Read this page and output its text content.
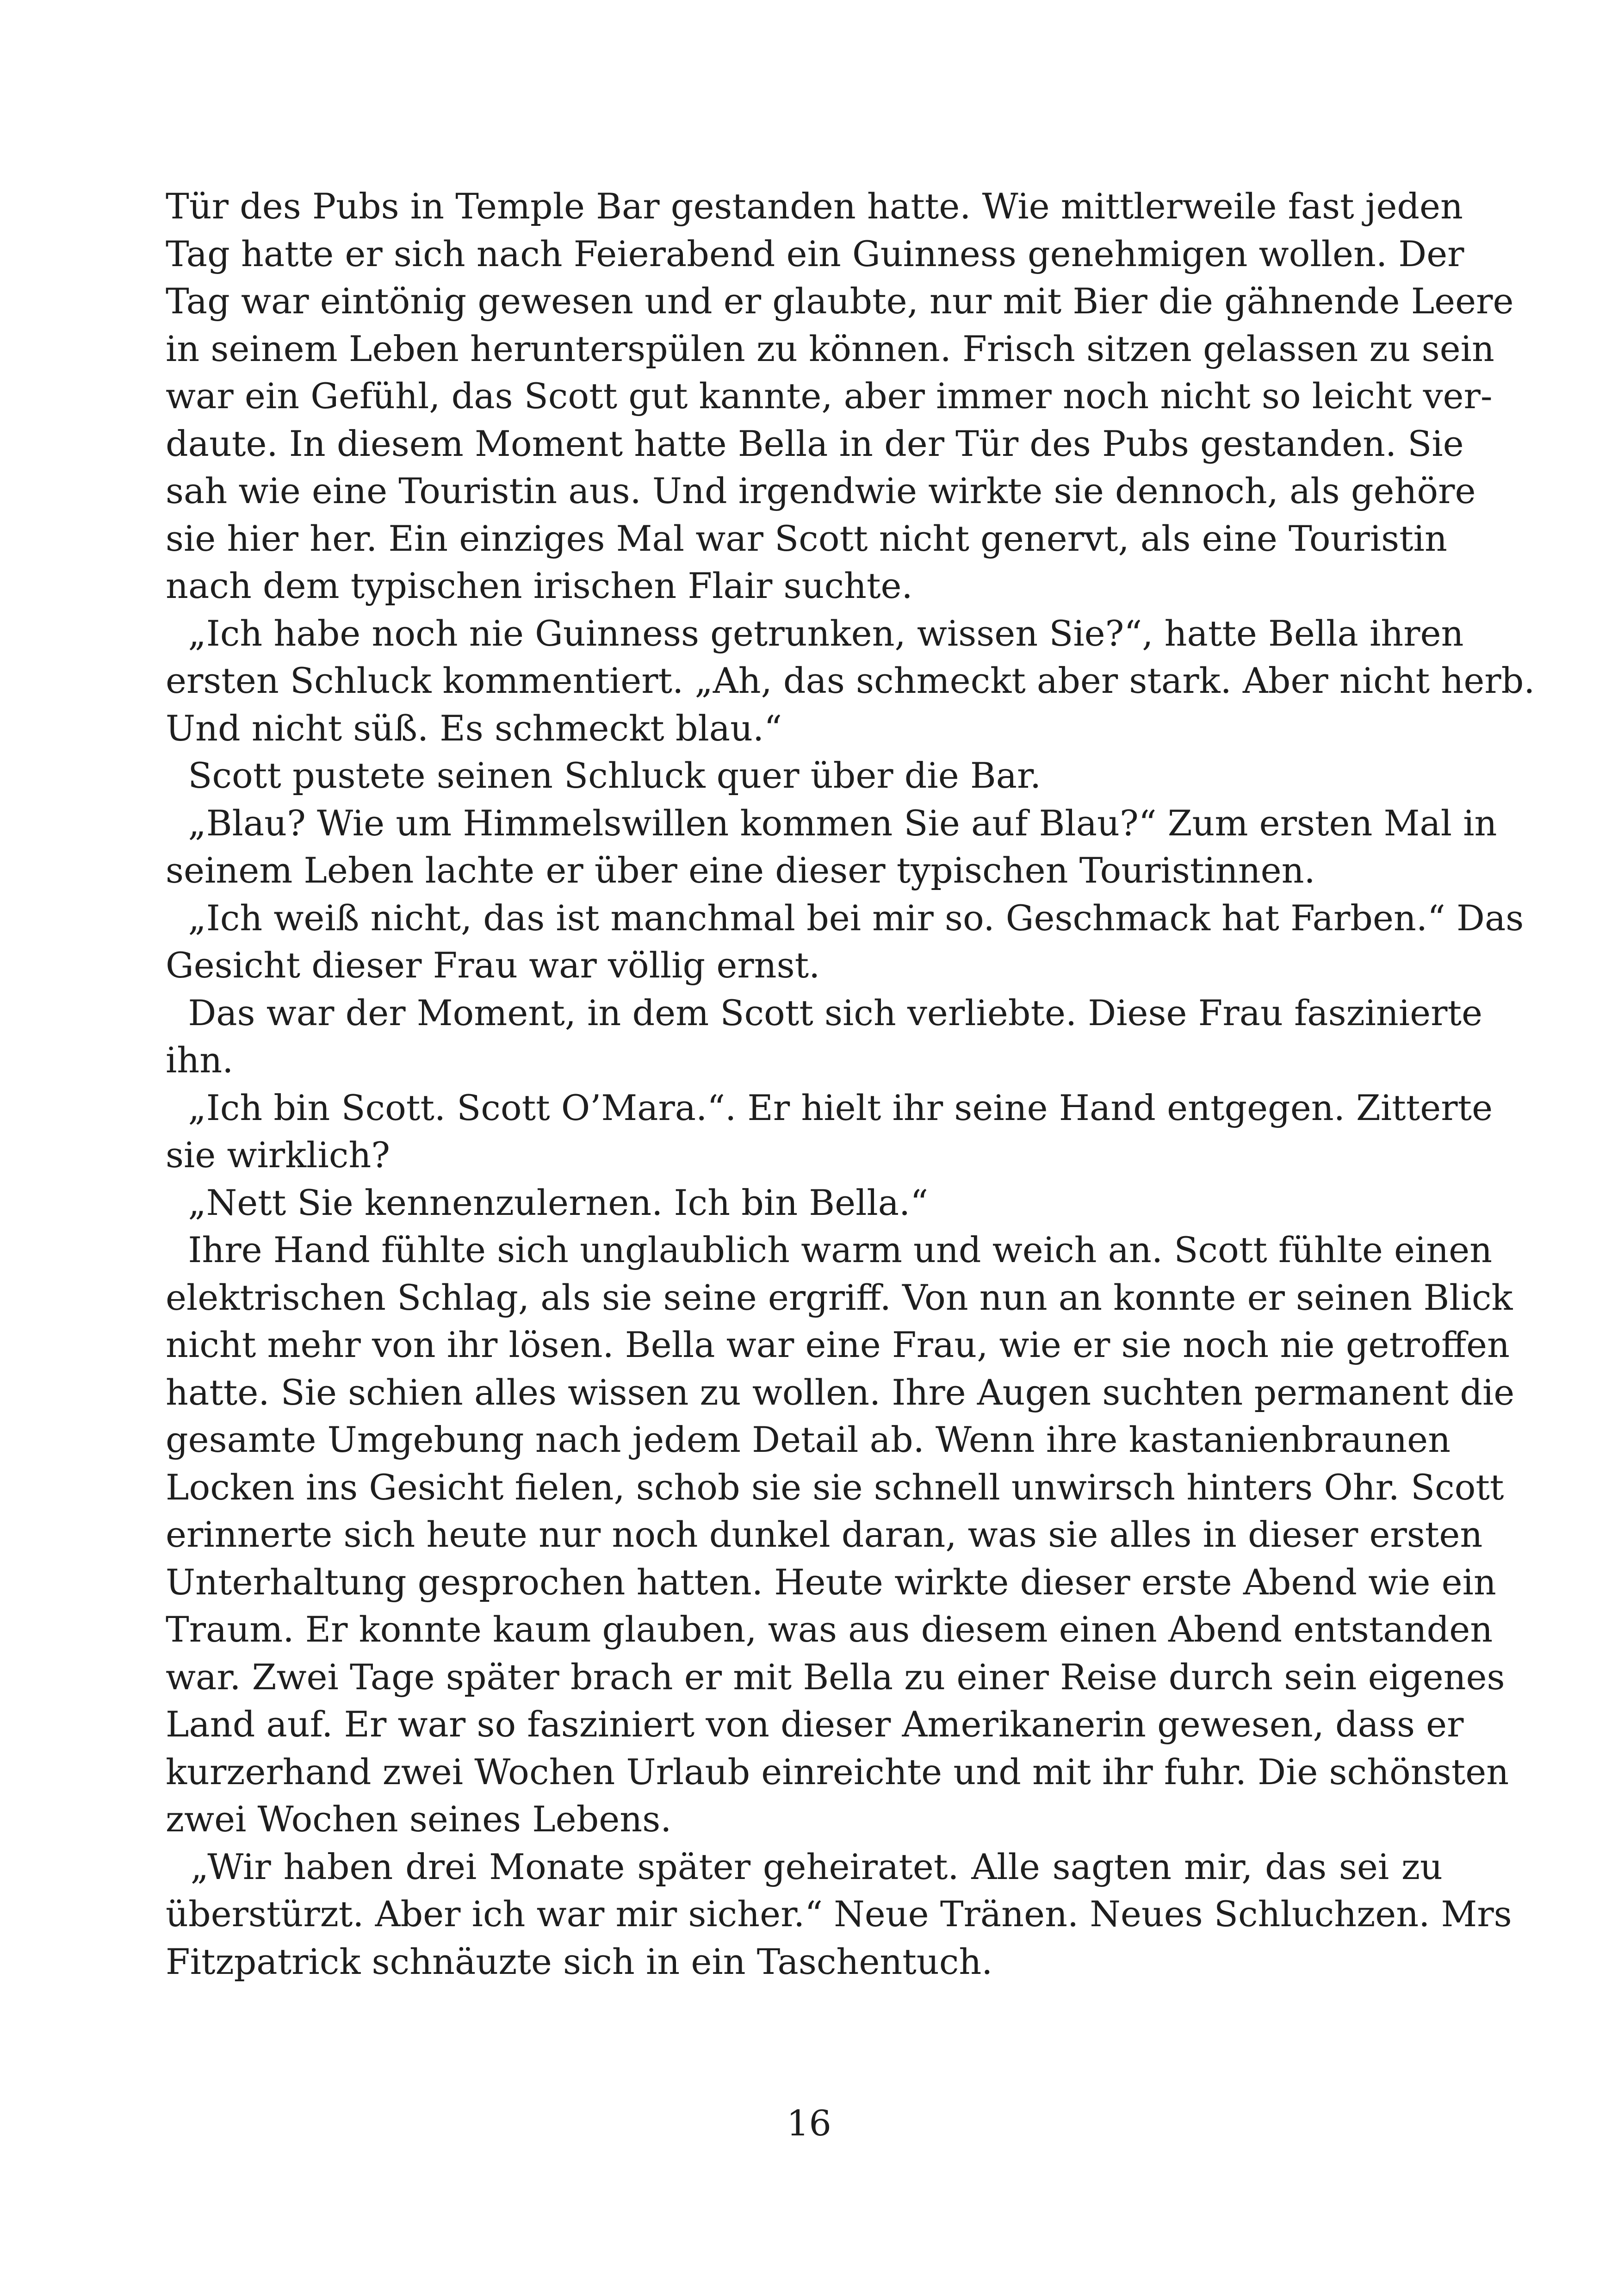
Tür des Pubs in Temple Bar gestanden hatte. Wie mittlerweile fast jeden
Tag hatte er sich nach Feierabend ein Guinness genehmigen wollen. Der
Tag war eintönig gewesen und er glaubte, nur mit Bier die gähnende Leere
in seinem Leben herunterspülen zu können. Frisch sitzen gelassen zu sein
war ein Gefühl, das Scott gut kannte, aber immer noch nicht so leicht ver-
daute. In diesem Moment hatte Bella in der Tür des Pubs gestanden. Sie
sah wie eine Touristin aus. Und irgendwie wirkte sie dennoch, als gehöre
sie hier her. Ein einziges Mal war Scott nicht genervt, als eine Touristin
nach dem typischen irischen Flair suchte.
„Ich habe noch nie Guinness getrunken, wissen Sie?“, hatte Bella ihren
ersten Schluck kommentiert. „Ah, das schmeckt aber stark. Aber nicht herb.
Und nicht süß. Es schmeckt blau.“
Scott pustete seinen Schluck quer über die Bar.
„Blau? Wie um Himmelswillen kommen Sie auf Blau?“ Zum ersten Mal in
seinem Leben lachte er über eine dieser typischen Touristinnen.
„Ich weiß nicht, das ist manchmal bei mir so. Geschmack hat Farben.“ Das
Gesicht dieser Frau war völlig ernst.
Das war der Moment, in dem Scott sich verliebte. Diese Frau faszinierte
ihn.
„Ich bin Scott. Scott O’Mara.“. Er hielt ihr seine Hand entgegen. Zitterte
sie wirklich?
„Nett Sie kennenzulernen. Ich bin Bella.“
Ihre Hand fühlte sich unglaublich warm und weich an. Scott fühlte einen
elektrischen Schlag, als sie seine ergriff. Von nun an konnte er seinen Blick
nicht mehr von ihr lösen. Bella war eine Frau, wie er sie noch nie getroffen
hatte. Sie schien alles wissen zu wollen. Ihre Augen suchten permanent die
gesamte Umgebung nach jedem Detail ab. Wenn ihre kastanienbraunen
Locken ins Gesicht fielen, schob sie sie schnell unwirsch hinters Ohr. Scott
erinnerte sich heute nur noch dunkel daran, was sie alles in dieser ersten
Unterhaltung gesprochen hatten. Heute wirkte dieser erste Abend wie ein
Traum. Er konnte kaum glauben, was aus diesem einen Abend entstanden
war. Zwei Tage später brach er mit Bella zu einer Reise durch sein eigenes
Land auf. Er war so fasziniert von dieser Amerikanerin gewesen, dass er
kurzerhand zwei Wochen Urlaub einreichte und mit ihr fuhr. Die schönsten
zwei Wochen seines Lebens.
„Wir haben drei Monate später geheiratet. Alle sagten mir, das sei zu
überstürzt. Aber ich war mir sicher.“ Neue Tränen. Neues Schluchzen. Mrs
Fitzpatrick schnäuzte sich in ein Taschentuch.
16
